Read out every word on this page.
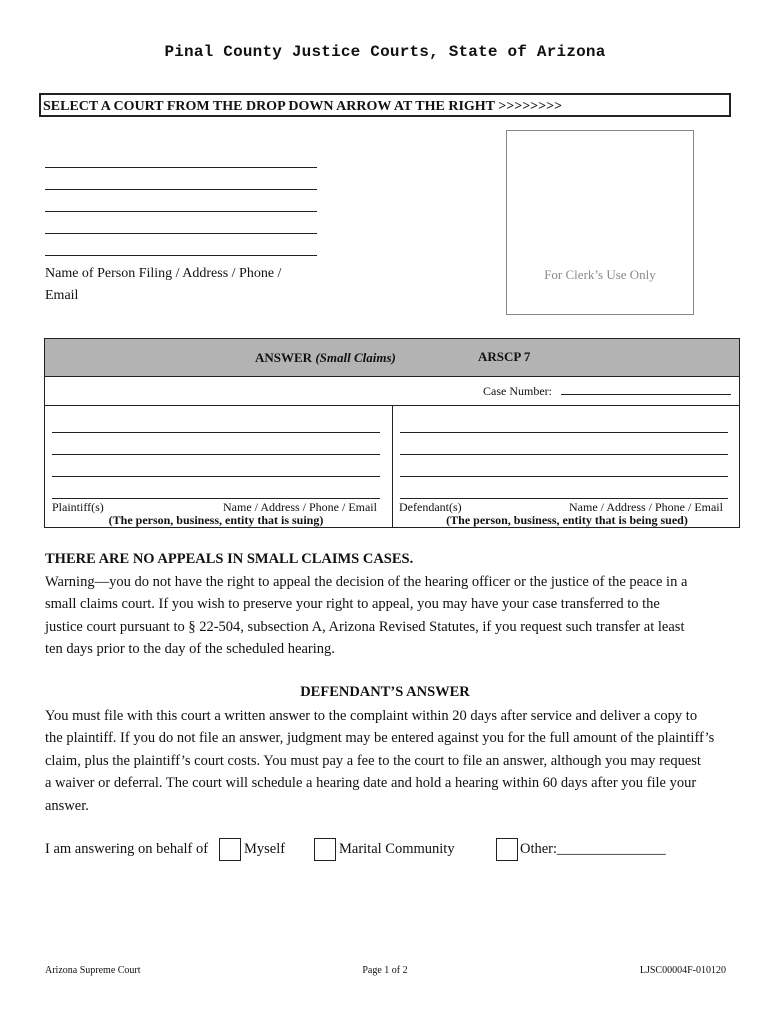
Pinal County Justice Courts, State of Arizona
SELECT A COURT FROM THE DROP DOWN ARROW AT THE RIGHT >>>>>>>>
Name of Person Filing / Address / Phone /
Email
For Clerk’s Use Only
ANSWER (Small Claims)	ARSCP 7
Case Number:
Plaintiff(s)	Name / Address / Phone / Email
(The person, business, entity that is suing)
Defendant(s)	Name / Address / Phone / Email
(The person, business, entity that is being sued)
THERE ARE NO APPEALS IN SMALL CLAIMS CASES.
Warning—you do not have the right to appeal the decision of the hearing officer or the justice of the peace in a
small claims court. If you wish to preserve your right to appeal, you may have your case transferred to the
justice court pursuant to § 22-504, subsection A, Arizona Revised Statutes, if you request such transfer at least
ten days prior to the day of the scheduled hearing.
DEFENDANT’S ANSWER
You must file with this court a written answer to the complaint within 20 days after service and deliver a copy to
the plaintiff. If you do not file an answer, judgment may be entered against you for the full amount of the plaintiff’s
claim, plus the plaintiff’s court costs. You must pay a fee to the court to file an answer, although you may request
a waiver or deferral. The court will schedule a hearing date and hold a hearing within 60 days after you file your
answer.
I am answering on behalf of Myself	Marital Community	Other:_______________
Arizona Supreme Court	Page 1 of 2	LJSC00004F-010120
